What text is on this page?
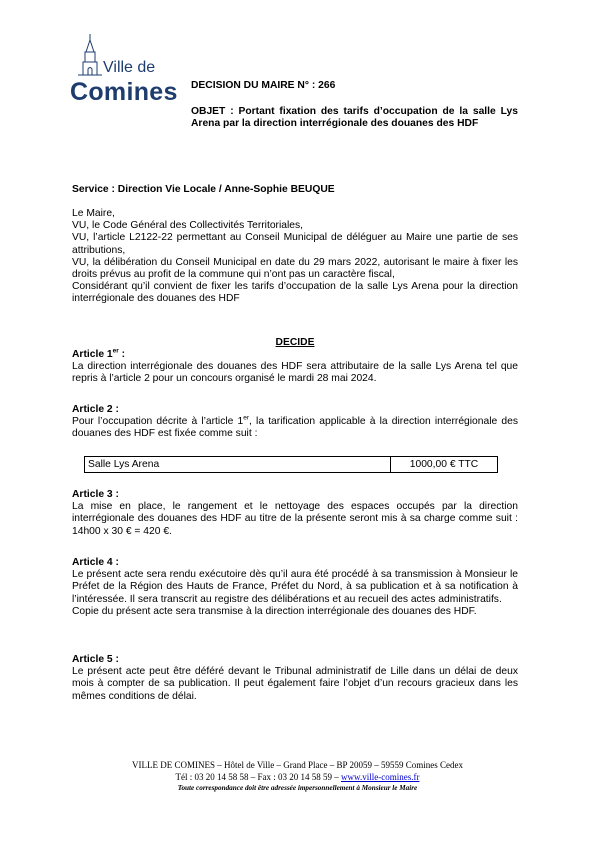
Ville de
Comines DECISION DU MAIRE N° : 266
OBJET : Portant fixation des tarifs d’occupation de la salle Lys Arena par la direction interrégionale des douanes des HDF
Service : Direction Vie Locale / Anne-Sophie BEUQUE

Le Maire,

VU, le Code Général des Collectivités Territoriales,

VU, l’article L2122-22 permettant au Conseil Municipal de déléguer au Maire une partie de ses attributions,

VU, la délibération du Conseil Municipal en date du 29 mars 2022, autorisant le maire à fixer les droits prévus au profit de la commune qui n’ont pas un caractère fiscal,

Considérant qu’il convient de fixer les tarifs d’occupation de la salle Lys Arena pour la direction interrégionale des douanes des HDF

DECIDE
Article 1er :
La direction interrégionale des douanes des HDF sera attributaire de la salle Lys Arena tel que repris à l’article 2 pour un concours organisé le mardi 28 mai 2024.
Article 2 :
Pour l’occupation décrite à l’article 1er, la tarification applicable à la direction interrégionale des douanes des HDF est fixée comme suit :
Salle Lys Arena	1000,00 € TTC
Article 3 :
La mise en place, le rangement et le nettoyage des espaces occupés par la direction interrégionale des douanes des HDF au titre de la présente seront mis à sa charge comme suit : 14h00 x 30 € = 420 €.
Article 4 :
Le présent acte sera rendu exécutoire dès qu’il aura été procédé à sa transmission à Monsieur le Préfet de la Région des Hauts de France, Préfet du Nord, à sa publication et à sa notification à l’intéressée. Il sera transcrit au registre des délibérations et au recueil des actes administratifs.
Copie du présent acte sera transmise à la direction interrégionale des douanes des HDF.
Article 5 :
Le présent acte peut être déféré devant le Tribunal administratif de Lille dans un délai de deux mois à compter de sa publication. Il peut également faire l’objet d’un recours gracieux dans les mêmes conditions de délai.
VILLE DE COMINES – Hôtel de Ville – Grand Place – BP 20059 – 59559 Comines Cedex
Tél : 03 20 14 58 58 – Fax : 03 20 14 58 59 – www.ville-comines.fr
Toute correspondance doit être adressée impersonnellement à Monsieur le Maire
